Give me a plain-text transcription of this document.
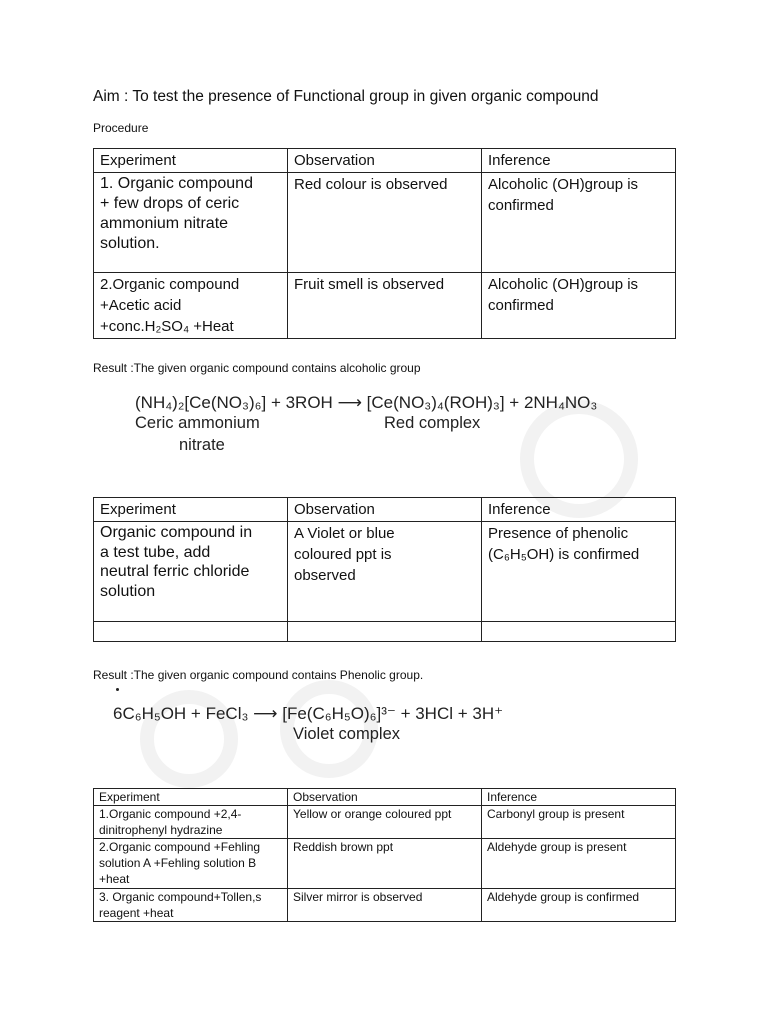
Aim : To test the presence of Functional group in given organic compound
Procedure
Experiment	Observation	Inference

1. Organic compound
+ few drops of ceric
ammonium nitrate
solution.	Red colour is observed	Alcoholic (OH)group is
confirmed

2.Organic compound
+Acetic acid
+conc.H₂SO₄ +Heat	Fruit smell is observed	Alcoholic (OH)group is
confirmed
Result :The given organic compound contains alcoholic group
(NH₄)₂[Ce(NO₃)₆] + 3ROH ⟶ [Ce(NO₃)₄(ROH)₃] + 2NH₄NO₃
Ceric ammonium
nitrate
Red complex
Experiment	Observation	Inference

Organic compound in
a test tube, add
neutral ferric chloride
solution	A Violet or blue
coloured ppt is
observed	Presence of phenolic
(C₆H₅OH) is confirmed

Result :The given organic compound contains Phenolic group.
6C₆H₅OH + FeCl₃ ⟶ [Fe(C₆H₅O)₆]³⁻ + 3HCl + 3H⁺
Violet complex
Experiment	Observation	Inference

1.Organic compound +2,4-
dinitrophenyl hydrazine	Yellow or orange coloured ppt	Carbonyl group is present

2.Organic compound +Fehling
solution A +Fehling solution B
+heat	Reddish brown ppt	Aldehyde group is present

3. Organic compound+Tollen,s
reagent +heat	Silver mirror is observed	Aldehyde group is confirmed
